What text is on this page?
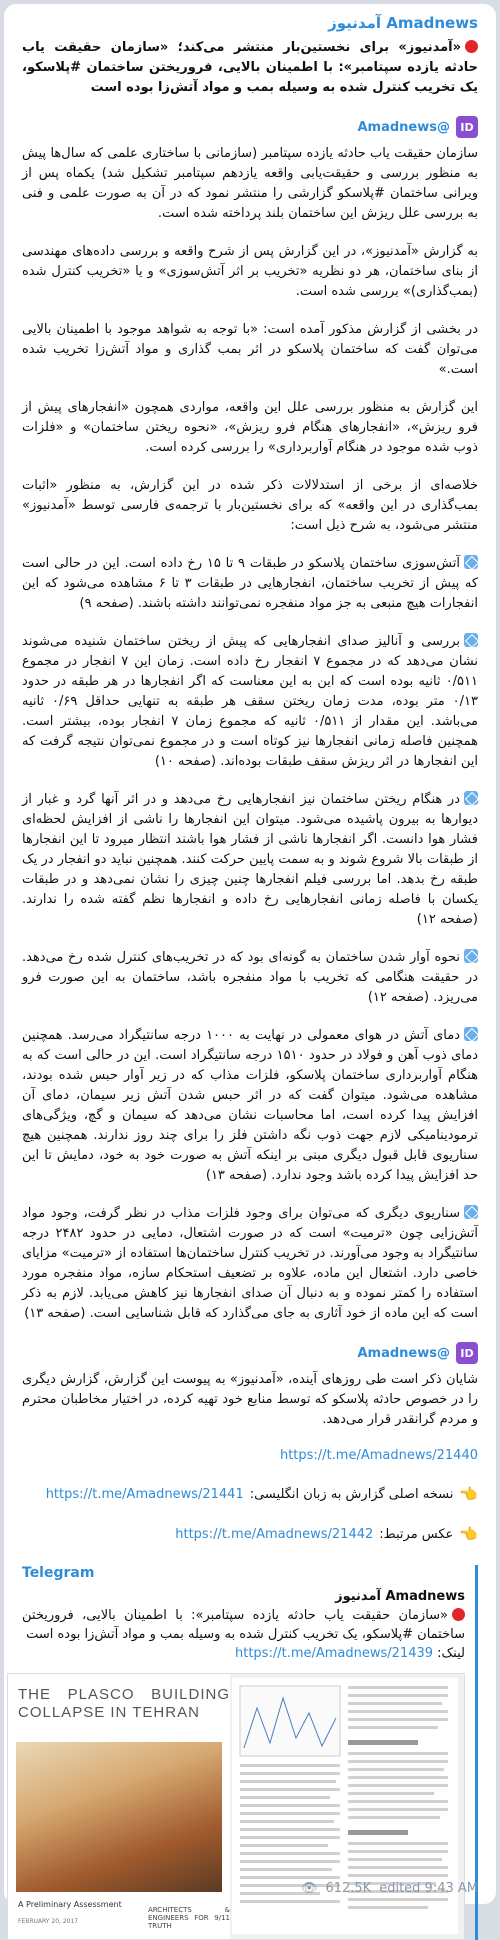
Amadnews آمدنیوز

«آمدنیوز» برای نخستین‌بار منتشر می‌کند؛ «سازمان حقیقت یاب حادثه یازده سپتامبر»: با اطمینان بالایی، فروریختن ساختمان #پلاسکو، یک تخریب کنترل شده به وسیله بمب و مواد آتش‌زا بوده است

ID
@Amadnews

سازمان حقیقت یاب حادثه یازده سپتامبر (سازمانی با ساختاری علمی که سال‌ها پیش به منظور بررسی و حقیقت‌یابی واقعه یازدهم سپتامبر تشکیل شد) یکماه پس از ویرانی ساختمان #پلاسکو گزارشی را منتشر نمود که در آن به صورت علمی و فنی به بررسی علل ریزش این ساختمان بلند پرداخته شده است.

به گزارش «آمدنیوز»، در این گزارش پس از شرح واقعه و بررسی داده‌های مهندسی از بنای ساختمان، هر دو نظریه «تخریب بر اثر آتش‌سوزی» و یا «تخریب کنترل شده (بمب‌گذاری)» بررسی شده است.

در بخشی از گزارش مذکور آمده است: «با توجه به شواهد موجود با اطمینان بالایی می‌توان گفت که ساختمان پلاسکو در اثر بمب گذاری و مواد آتش‌زا تخریب شده است.»

این گزارش به منظور بررسی علل این واقعه، مواردی همچون «انفجارهای پیش از فرو ریزش»، «انفجارهای هنگام فرو ریزش»، «نحوه ریختن ساختمان» و «فلزات ذوب شده موجود در هنگام آواربرداری» را بررسی کرده است.

خلاصه‌ای از برخی از استدلالات ذکر شده در این گزارش، به منظور «اثبات بمب‌گذاری در این واقعه» که برای نخستین‌بار با ترجمه‌ی فارسی توسط «آمدنیوز» منتشر می‌شود، به شرح ذیل است:

آتش‌سوزی ساختمان پلاسکو در طبقات ۹ تا ۱۵ رخ داده است. این در حالی است که پیش از تخریب ساختمان، انفجارهایی در طبقات ۳ تا ۶ مشاهده می‌شود که این انفجارات هیچ منبعی به جز مواد منفجره نمی‌توانند داشته باشند. (صفحه ۹)

بررسی و آنالیز صدای انفجارهایی که پیش از ریختن ساختمان شنیده می‌شوند نشان می‌دهد که در مجموع ۷ انفجار رخ داده است. زمان این ۷ انفجار در مجموع ۰/۵۱۱ ثانیه بوده است که این به این معناست که اگر انفجارها در هر طبقه در حدود ۰/۱۳ متر بوده، مدت زمان ریختن سقف هر طبقه به تنهایی حداقل ۰/۶۹ ثانیه می‌باشد. این مقدار از ۰/۵۱۱ ثانیه که مجموع زمان ۷ انفجار بوده، بیشتر است. همچنین فاصله زمانی انفجارها نیز کوتاه است و در مجموع نمی‌توان نتیجه گرفت که این انفجارها در اثر ریزش سقف طبقات بوده‌اند. (صفحه ۱۰)

در هنگام ریختن ساختمان نیز انفجارهایی رخ می‌دهد و در اثر آنها گرد و غبار از دیوارها به بیرون پاشیده می‌شود. میتوان این انفجارها را ناشی از افزایش لحظه‌ای فشار هوا دانست. اگر انفجارها ناشی از فشار هوا باشند انتظار میرود تا این انفجارها از طبقات بالا شروع شوند و به سمت پایین حرکت کنند. همچنین نباید دو انفجار در یک طبقه رخ بدهد. اما بررسی فیلم انفجارها چنین چیزی را نشان نمی‌دهد و در طبقات یکسان با فاصله زمانی انفجارهایی رخ داده و انفجارها نظم گفته شده را ندارند. (صفحه ۱۲)

نحوه آوار شدن ساختمان به گونه‌ای بود که در تخریب‌های کنترل شده رخ می‌دهد. در حقیقت هنگامی که تخریب با مواد منفجره باشد، ساختمان به این صورت فرو می‌ریزد. (صفحه ۱۲)

دمای آتش در هوای معمولی در نهایت به ۱۰۰۰ درجه سانتیگراد می‌رسد. همچنین دمای ذوب آهن و فولاد در حدود ۱۵۱۰ درجه سانتیگراد است. این در حالی است که به هنگام آواربرداری ساختمان پلاسکو، فلزات مذاب که در زیر آوار حبس شده بودند، مشاهده می‌شود. میتوان گفت که در اثر حبس شدن آتش زیر سیمان، دمای آن افزایش پیدا کرده است، اما محاسبات نشان می‌دهد که سیمان و گچ، ویژگی‌های ترمودینامیکی لازم جهت ذوب نگه داشتن فلز را برای چند روز ندارند. همچنین هیچ سناریوی قابل قبول دیگری مبنی بر اینکه آتش به صورت خود به خود، دمایش تا این حد افزایش پیدا کرده باشد وجود ندارد. (صفحه ۱۳)

سناریوی دیگری که می‌توان برای وجود فلزات مذاب در نظر گرفت، وجود مواد آتش‌زایی چون «ترمیت» است که در صورت اشتعال، دمایی در حدود ۲۴۸۲ درجه سانتیگراد به وجود می‌آورند. در تخریب کنترل ساختمان‌ها استفاده از «ترمیت» مزایای خاصی دارد. اشتعال این ماده، علاوه بر تضعیف استحکام سازه، مواد منفجره مورد استفاده را کمتر نموده و به دنبال آن صدای انفجارها نیز کاهش می‌یابد. لازم به ذکر است که این ماده از خود آثاری به جای می‌گذارد که قابل شناسایی است. (صفحه ۱۳)

ID
@Amadnews

شایان ذکر است طی روزهای آینده، «آمدنیوز» به پیوست این گزارش، گزارش دیگری را در خصوص حادثه پلاسکو که توسط منابع خود تهیه کرده، در اختیار مخاطبان محترم و مردم گرانقدر قرار می‌دهد.

https://t.me/Amadnews/21440
👈
نسخه اصلی گزارش به زبان انگلیسی:
https://t.me/Amadnews/21441
👈
عکس مرتبط:
https://t.me/Amadnews/21442
Telegram
Amadnews آمدنیوز
«سازمان حقیقت یاب حادثه یازده سپتامبر»: با اطمینان بالایی، فروریختن ساختمان #پلاسکو، یک تخریب کنترل شده به وسیله بمب و مواد آتش‌زا بوده است
لینک: https://t.me/Amadnews/21439
THE PLASCO BUILDING COLLAPSE IN TEHRAN
A Preliminary Assessment
FEBRUARY 20, 2017
ARCHITECTS & ENGINEERS FOR 9/11 TRUTH
👁 612.5K edited 9:43 AM
